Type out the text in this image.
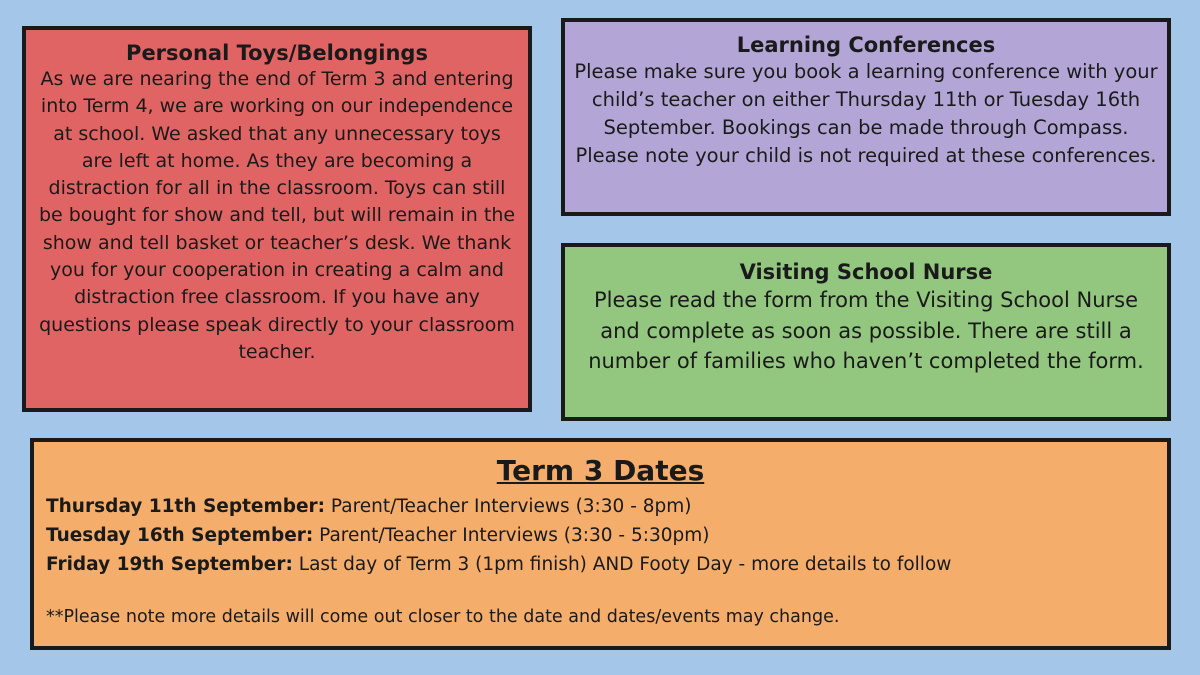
Personal Toys/Belongings

As we are nearing the end of Term 3 and entering into Term 4, we are working on our independence at school. We asked that any unnecessary toys are left at home. As they are becoming a distraction for all in the classroom. Toys can still be bought for show and tell, but will remain in the show and tell basket or teacher’s desk. We thank you for your cooperation in creating a calm and distraction free classroom. If you have any questions please speak directly to your classroom teacher.

Learning Conferences

Please make sure you book a learning conference with your child’s teacher on either Thursday 11th or Tuesday 16th September. Bookings can be made through Compass. Please note your child is not required at these conferences.

Visiting School Nurse

Please read the form from the Visiting School Nurse and complete as soon as possible. There are still a number of families who haven’t completed the form.

Term 3 Dates
Thursday 11th September: Parent/Teacher Interviews (3:30 - 8pm)
Tuesday 16th September: Parent/Teacher Interviews (3:30 - 5:30pm)
Friday 19th September: Last day of Term 3 (1pm finish) AND Footy Day - more details to follow
**Please note more details will come out closer to the date and dates/events may change.
